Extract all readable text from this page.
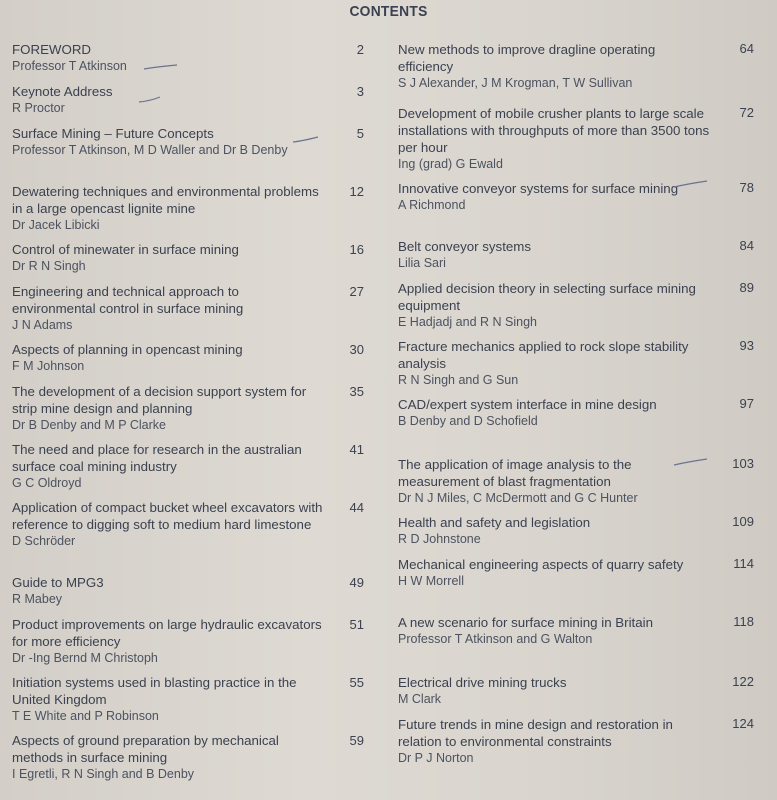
CONTENTS
FOREWORD
Professor T Atkinson
2
Keynote Address
R Proctor
3
Surface Mining – Future Concepts
Professor T Atkinson, M D Waller and Dr B Denby
5
Dewatering techniques and environmental problems in a large opencast lignite mine
Dr Jacek Libicki
12
Control of minewater in surface mining
Dr R N Singh
16
Engineering and technical approach to environmental control in surface mining
J N Adams
27
Aspects of planning in opencast mining
F M Johnson
30
The development of a decision support system for strip mine design and planning
Dr B Denby and M P Clarke
35
The need and place for research in the australian surface coal mining industry
G C Oldroyd
41
Application of compact bucket wheel excavators with reference to digging soft to medium hard limestone
D Schröder
44
Guide to MPG3
R Mabey
49
Product improvements on large hydraulic excavators for more efficiency
Dr -Ing Bernd M Christoph
51
Initiation systems used in blasting practice in the United Kingdom
T E White and P Robinson
55
Aspects of ground preparation by mechanical methods in surface mining
I Egretli, R N Singh and B Denby
59
New methods to improve dragline operating efficiency
S J Alexander, J M Krogman, T W Sullivan
64
Development of mobile crusher plants to large scale installations with throughputs of more than 3500 tons per hour
Ing (grad) G Ewald
72
Innovative conveyor systems for surface mining
A Richmond
78
Belt conveyor systems
Lilia Sari
84
Applied decision theory in selecting surface mining equipment
E Hadjadj and R N Singh
89
Fracture mechanics applied to rock slope stability analysis
R N Singh and G Sun
93
CAD/expert system interface in mine design
B Denby and D Schofield
97
The application of image analysis to the measurement of blast fragmentation
Dr N J Miles, C McDermott and G C Hunter
103
Health and safety and legislation
R D Johnstone
109
Mechanical engineering aspects of quarry safety
H W Morrell
114
A new scenario for surface mining in Britain
Professor T Atkinson and G Walton
118
Electrical drive mining trucks
M Clark
122
Future trends in mine design and restoration in relation to environmental constraints
Dr P J Norton
124
